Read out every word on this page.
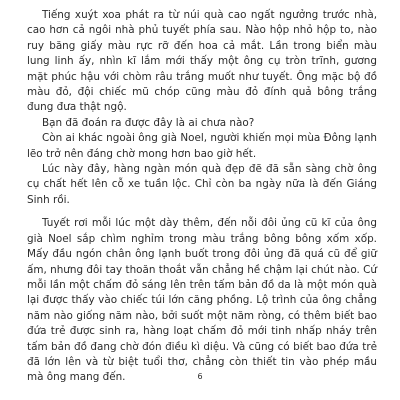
Tiếng xuýt xoa phát ra từ núi quà cao ngất ngưởng trước nhà, cao hơn cả ngôi nhà phủ tuyết phía sau. Nào hộp nhỏ hộp to, nào ruy băng giấy màu rực rỡ đến hoa cả mắt. Lần trong biển màu lung linh ấy, nhìn kĩ lắm mới thấy một ông cụ tròn trĩnh, gương mặt phúc hậu với chòm râu trắng muốt như tuyết. Ông mặc bộ đồ màu đỏ, đội chiếc mũ chóp cũng màu đỏ đính quả bông trắng đung đưa thật ngộ.

Bạn đã đoán ra được đây là ai chưa nào?

Còn ai khác ngoài ông già Noel, người khiến mọi mùa Đông lạnh lẽo trở nên đáng chờ mong hơn bao giờ hết.

Lúc này đây, hàng ngàn món quà đẹp đẽ đã sẵn sàng chờ ông cụ chất hết lên cỗ xe tuần lộc. Chỉ còn ba ngày nữa là đến Giáng Sinh rồi.

Tuyết rơi mỗi lúc một dày thêm, đến nỗi đôi ủng cũ kĩ của ông già Noel sắp chìm nghỉm trong màu trắng bông bông xốm xốp. Mấy đầu ngón chân ông lạnh buốt trong đôi ủng đã quá cũ để giữ ấm, nhưng đôi tay thoăn thoắt vẫn chẳng hề chậm lại chút nào. Cứ mỗi lần một chấm đỏ sáng lên trên tấm bản đồ da là một món quà lại được thấy vào chiếc túi lớn căng phồng. Lộ trình của ông chẳng năm nào giống năm nào, bởi suốt một năm ròng, có thêm biết bao đứa trẻ được sinh ra, hàng loạt chấm đỏ mới tinh nhấp nháy trên tấm bản đồ đang chờ đón điều kì diệu. Và cũng có biết bao đứa trẻ đã lớn lên và từ biệt tuổi thơ, chẳng còn thiết tin vào phép mầu mà ông mang đến.	6
